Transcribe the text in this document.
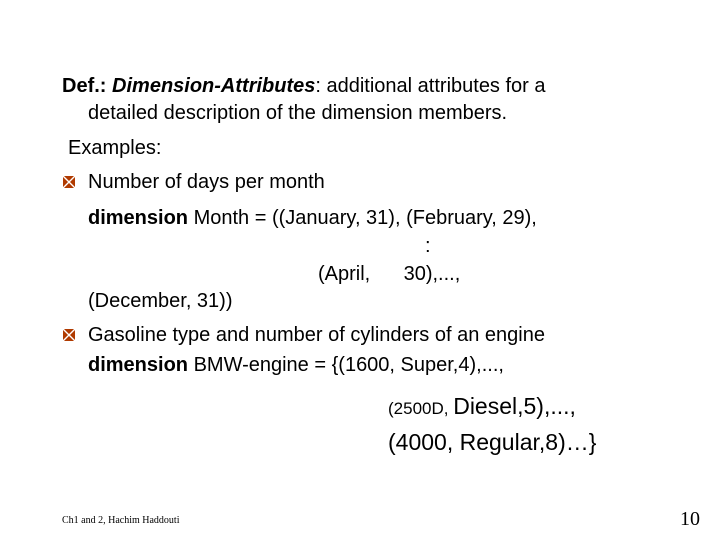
Def.: Dimension-Attributes: additional attributes for a
detailed description of the dimension members.
Examples:
Number of days per month
dimension Month = ((January, 31), (February, 29),
:
(April,      30),...,
(December, 31))
Gasoline type and number of cylinders of an engine
dimension BMW-engine = {(1600, Super,4),...,
(2500D, Diesel,5),...,
(4000, Regular,8)…}
Ch1 and 2, Hachim Haddouti	10
